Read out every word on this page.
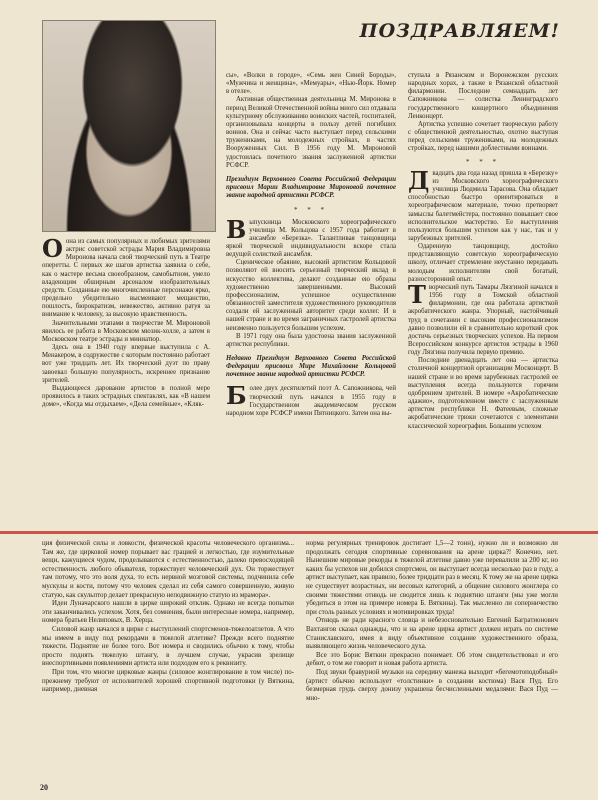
ПОЗДРАВЛЯЕМ!

Оона из самых популярных и любимых зрителями актрис советской эстрады Мария Владимировна Миронова начала свой творческий путь в Театре оперетты. С первых же шагов артистка заявила о себе, как о мастере весьма своеобразном, самобытном, умело владеющим обширным арсеналом изобразительных средств. Созданные ею многочисленные персонажи ярко, предельно убедительно высмеивают мещанство, пошлость, бюрократизм, невежество, активно ратуя за внимание к человеку, за высокую нравственность.

Значительными этапами в творчестве М. Мироновой явилось ее работа в Московском мюзик-холле, а затем в Московском театре эстрады и миниатюр.

Здесь она в 1940 году впервые выступила с А. Менакером, в содружестве с которым постоянно работает вот уже тридцать лет. Их творческий дуэт по праву завоевал большую популярность, искреннее признание зрителей.

Выдающееся дарование артистов в полной мере проявилось в таких эстрадных спектаклях, как «В нашем доме», «Когда мы отдыхаем», «Дела семейные», «Кляк-

сы», «Волки в городе», «Семь жен Синей Бороды», «Мужчина и женщина», «Мемуары», «Нью-Йорк. Номер в отеле».

Активная общественная деятельница М. Миронова в период Великой Отечественной войны много сил отдавала культурному обслуживанию воинских частей, госпиталей, организовывала концерты в пользу детей погибших воинов. Она и сейчас часто выступает перед сельскими тружениками, на молодежных стройках, в частях Вооруженных Сил. В 1956 году М. Мироновой удостоилась почетного звания заслуженной артистки РСФСР.

Президиум Верховного Совета Российской Федерации присвоил Марии Владимировне Мироновой почетное звание народной артистки РСФСР.

* * *

Выпускница Московского хореографического училища М. Кольцова с 1957 года работает в ансамбле «Березка». Талантливая танцовщица яркой творческой индивидуальности вскоре стала ведущей солисткой ансамбля.

Сценическое обаяние, высокий артистизм Кольцовой позволяют ей вносить серьезный творческий вклад в искусство коллектива, делают созданные ею образы художественно завершенными. Высокий профессионализм, успешное осуществление обязанностей заместителя художественного руководителя создали ей заслуженный авторитет среди коллег. И в нашей стране и во время заграничных гастролей артистка неизменно пользуется большим успехом.

В 1971 году она была удостоена звания заслуженной артистки республики.

Недавно Президиум Верховного Совета Российской Федерации присвоил Мире Михайловне Кольцовой почетное звание народной артистки РСФСР.

Более двух десятилетий поэт А. Сапожникова, чей творческий путь начался в 1955 году в Государственном академическом русском народном хоре РСФСР имени Пятницкого. Затем она вы-

ступала в Рязанском и Воронежском русских народных хорах, а также в Рязанской областной филармонии. Последние семнадцать лет Сапожникова — солистка Ленинградского государственного концертного объединения Ленконцерт.

Артистка успешно сочетает творческую работу с общественной деятельностью, охотно выступая перед сельскими тружениками, на молодежных стройках, перед нашими доблестными воинами.

* * *

Двадцать два года назад пришла в «Березку» из Московского хореографического училища Людмила Тарасова. Она обладает способностью быстро ориентироваться в хореографическом материале, точно претворяет замыслы балетмейстера, постоянно повышает свое исполнительское мастерство. Ее выступления пользуются большим успехом как у нас, так и у зарубежных зрителей.

Одаренную танцовщицу, достойно представляющую советскую хореографическую школу, отличает стремление неустанно передавать молодым исполнителям свой богатый, разносторонний опыт.

Творческий путь Тамары Лязгиной начался в 1956 году в Томской областной филармонии, где она работала артисткой акробатического жанра. Упорный, настойчивый труд в сочетании с высоким профессионализмом давно позволили ей в сравнительно короткий срок достичь серьезных творческих успехов. На первом Всероссийском конкурсе артистов эстрады в 1960 году Лязгина получила первую премию.

Последние двенадцать лет она — артистка столичной концертной организации Москонцерт. В нашей стране и во время зарубежных гастролей ее выступления всегда пользуются горячим одобрением зрителей. В номере «Акробатические адажио», подготовленном вместе с заслуженным артистом республики Н. Фатеевым, сложные акробатические трюки сочетаются с элементами классической хореографии. Большим успехом

ция физической силы и ловкости, физической красоты человеческого организма... Там же, где цирковой номер порывает вас грацией и легкостью, где изумительные вещи, кажущиеся чудом, проделываются с естественностью, далеко превосходящей естественность любого обывателя, торжествует человеческий дух. Он торжествует там потому, что это воля духа, то есть нервной мозговой системы, подчинила себе мускулы и кости, потому что человек сделал из себя самого совершенную, живую статую, как скульптор делает прекрасную неподвижную статую из мрамора».

Идеи Луначарского нашли в цирке широкий отклик. Однако не всегда попытки эти заканчивались успехом. Хотя, без сомнения, были интересные номера, например, номера братьев Нелиповых, В. Херца.

Силовой жанр начался в цирке с выступлений спортсменов-тяжелоатлетов. А что мы имеем в виду под рекордами в тяжелой атлетике? Прежде всего поднятие тяжести. Поднятие не более того. Вот номера и сводились обычно к тому, чтобы просто поднять тяжелую штангу, в лучшем случае, украсив зрелище внеспортивными появлениями артиста или подходом его к реквизиту.

При том, что многие цирковые жанры (силовое жонглирование в том числе) по-прежнему требуют от исполнителей хорошей спортивной подготовки (у Вяткина, например, дневная

норма регулярных тренировок достигает 1,5—2 тонн), нужно ли и возможно ли продолжать сегодня спортивные соревнования на арене цирка?! Конечно, нет. Нынешние мировые рекорды в тяжелой атлетике давно уже перевалили за 200 кг, но каких бы успехов ни добился спортсмен, он выступает всегда несколько раз в году, а артист выступает, как правило, более тридцати раз в месяц. К тому же на арене цирка не существует возрастных, ни весовых категорий, а общение силового жонглера со своими тяжестями отнюдь не сводится лишь к поднятию штанги (мы уже могли убедиться в этом на примере номера Б. Вяткина). Так мысленно ли соперничество при столь разных условиях и мотивировках труда!

Отнюдь не ради красного словца и небезосновательно Евгений Багратионович Вахтангов сказал однажды, что н на арене цирка артист должен играть по системе Станиславского, имея в виду объективное создание художественного образа, выявляющего жизнь человеческого духа.

Все это Борис Вяткин прекрасно понимает. Об этом свидетельствовал и его дебют, о том же говорит и новая работа артиста.

Под звуки бравурной музыки на середину манежа выходит «бегемотоподобный» (артист обычно использует «толстинки» в создании костюма) Вася Пуд. Его безмерная грудь сверху донизу украшена бесчисленными медалями: Вася Пуд — мно-

20
